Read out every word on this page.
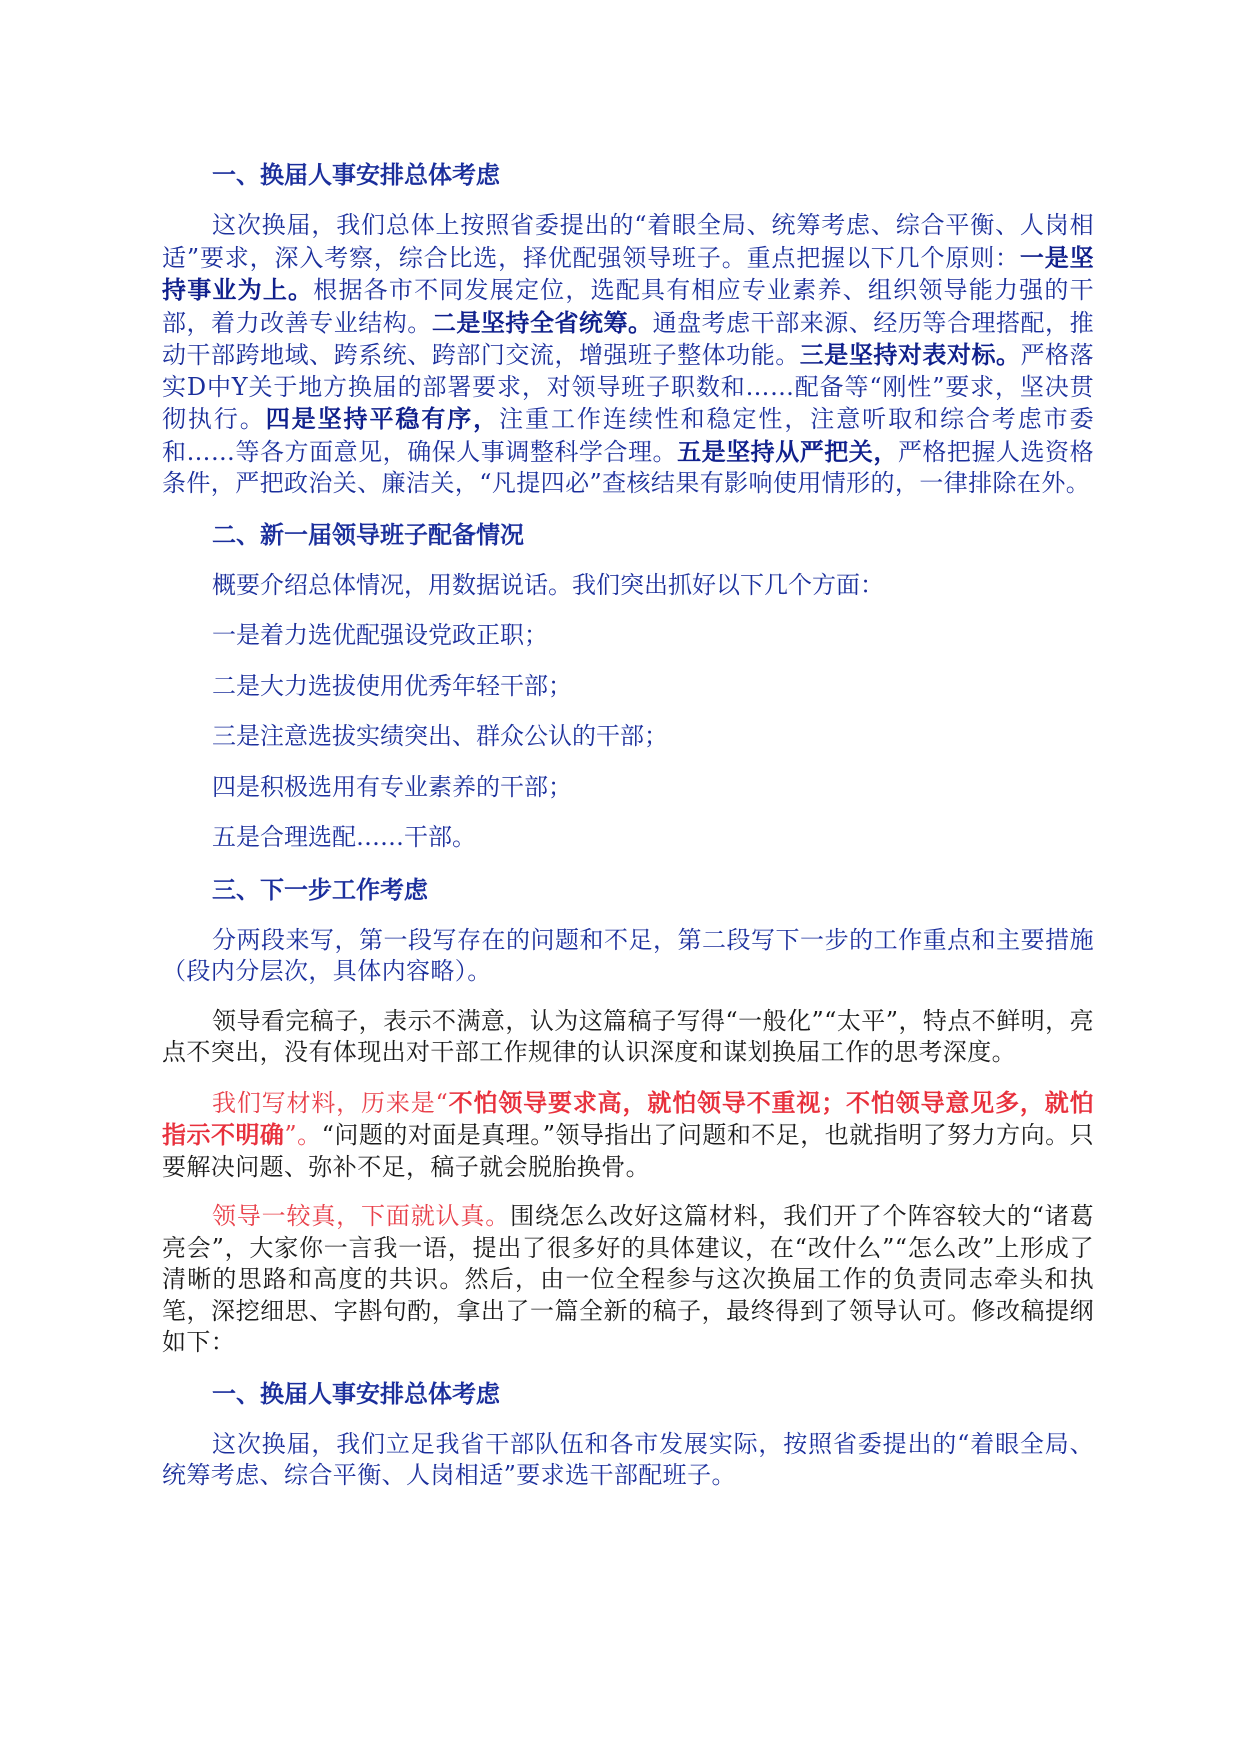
一、换届人事安排总体考虑

这次换届，我们总体上按照省委提出的“着眼全局、统筹考虑、综合平衡、人岗相适”要求，深入考察，综合比选，择优配强领导班子。重点把握以下几个原则：一是坚持事业为上。根据各市不同发展定位，选配具有相应专业素养、组织领导能力强的干部，着力改善专业结构。二是坚持全省统筹。通盘考虑干部来源、经历等合理搭配，推动干部跨地域、跨系统、跨部门交流，增强班子整体功能。三是坚持对表对标。严格落实D中Y关于地方换届的部署要求，对领导班子职数和……配备等“刚性”要求，坚决贯彻执行。四是坚持平稳有序，注重工作连续性和稳定性，注意听取和综合考虑市委和……等各方面意见，确保人事调整科学合理。五是坚持从严把关，严格把握人选资格条件，严把政治关、廉洁关，“凡提四必”查核结果有影响使用情形的，一律排除在外。

二、新一届领导班子配备情况
概要介绍总体情况，用数据说话。我们突出抓好以下几个方面：
一是着力选优配强设党政正职；
二是大力选拔使用优秀年轻干部；
三是注意选拔实绩突出、群众公认的干部；
四是积极选用有专业素养的干部；
五是合理选配……干部。
三、下一步工作考虑

分两段来写，第一段写存在的问题和不足，第二段写下一步的工作重点和主要措施（段内分层次，具体内容略）。

领导看完稿子，表示不满意，认为这篇稿子写得“一般化”“太平”，特点不鲜明，亮点不突出，没有体现出对干部工作规律的认识深度和谋划换届工作的思考深度。

我们写材料，历来是“不怕领导要求高，就怕领导不重视；不怕领导意见多，就怕指示不明确”。“问题的对面是真理。”领导指出了问题和不足，也就指明了努力方向。只要解决问题、弥补不足，稿子就会脱胎换骨。

领导一较真，下面就认真。围绕怎么改好这篇材料，我们开了个阵容较大的“诸葛亮会”，大家你一言我一语，提出了很多好的具体建议，在“改什么”“怎么改”上形成了清晰的思路和高度的共识。然后，由一位全程参与这次换届工作的负责同志牵头和执笔，深挖细思、字斟句酌，拿出了一篇全新的稿子，最终得到了领导认可。修改稿提纲如下：

一、换届人事安排总体考虑

这次换届，我们立足我省干部队伍和各市发展实际，按照省委提出的“着眼全局、统筹考虑、综合平衡、人岗相适”要求选干部配班子。
